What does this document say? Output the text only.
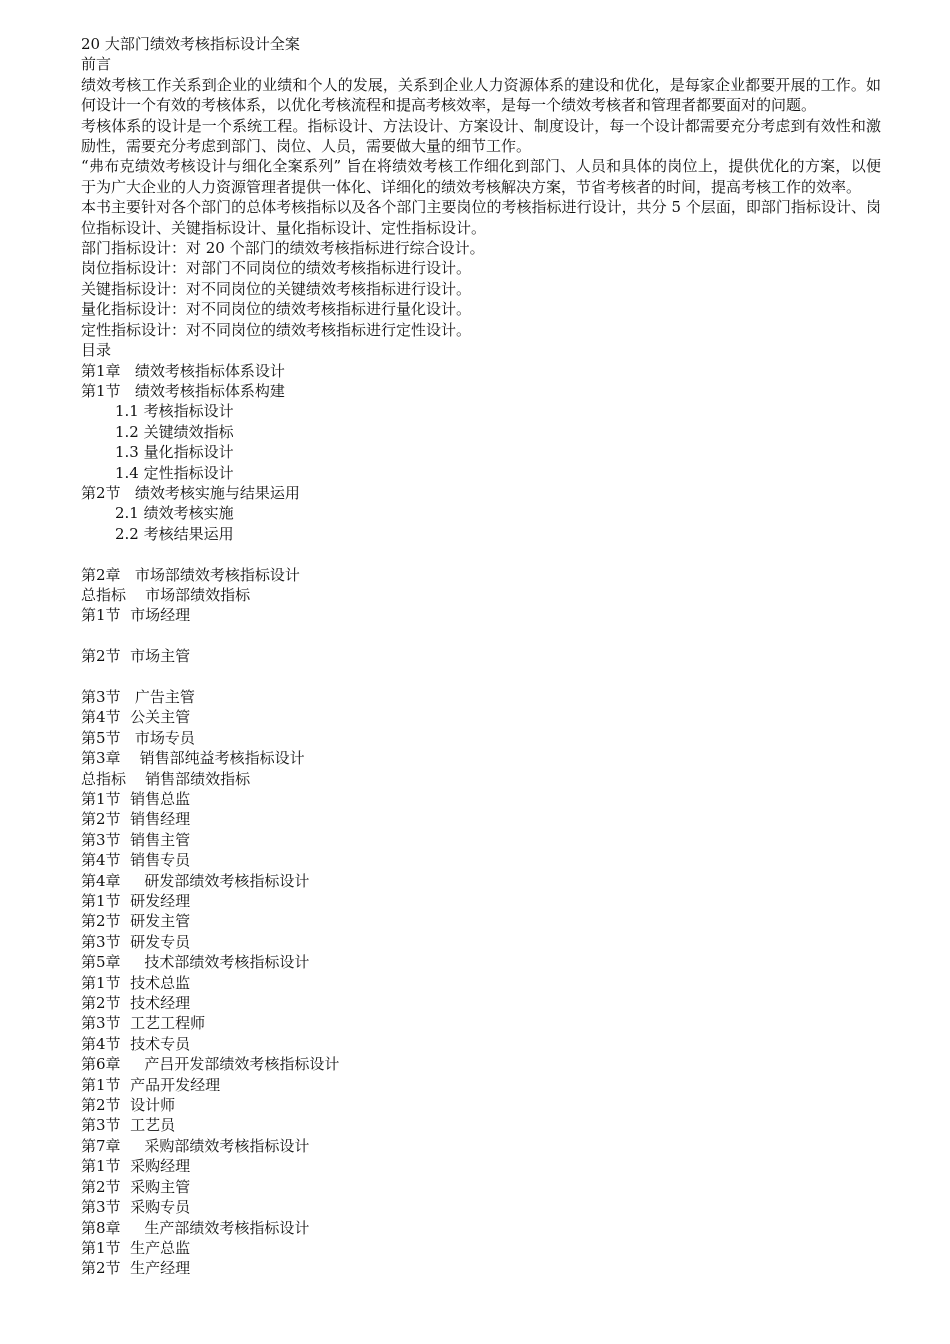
20 大部门绩效考核指标设计全案
前言
绩效考核工作关系到企业的业绩和个人的发展，关系到企业人力资源体系的建设和优化，是每家企业都要开展的工作。如何设计一个有效的考核体系，以优化考核流程和提高考核效率，是每一个绩效考核者和管理者都要面对的问题。
考核体系的设计是一个系统工程。指标设计、方法设计、方案设计、制度设计，每一个设计都需要充分考虑到有效性和激励性，需要充分考虑到部门、岗位、人员，需要做大量的细节工作。
“弗布克绩效考核设计与细化全案系列” 旨在将绩效考核工作细化到部门、人员和具体的岗位上，提供优化的方案，以便于为广大企业的人力资源管理者提供一体化、详细化的绩效考核解决方案，节省考核者的时间，提高考核工作的效率。
本书主要针对各个部门的总体考核指标以及各个部门主要岗位的考核指标进行设计，共分 5 个层面，即部门指标设计、岗位指标设计、关键指标设计、量化指标设计、定性指标设计。
部门指标设计：对 20 个部门的绩效考核指标进行综合设计。
岗位指标设计：对部门不同岗位的绩效考核指标进行设计。
关键指标设计：对不同岗位的关键绩效考核指标进行设计。
量化指标设计：对不同岗位的绩效考核指标进行量化设计。
定性指标设计：对不同岗位的绩效考核指标进行定性设计。
目录
第1章   绩效考核指标体系设计
第1节   绩效考核指标体系构建
1.1 考核指标设计
1.2 关键绩效指标
1.3 量化指标设计
1.4 定性指标设计
第2节   绩效考核实施与结果运用
2.1 绩效考核实施
2.2 考核结果运用
第2章   市场部绩效考核指标设计
总指标    市场部绩效指标
第1节  市场经理
第2节  市场主管
第3节   广告主管
第4节  公关主管
第5节   市场专员
第3章    销售部纯益考核指标设计
总指标    销售部绩效指标
第1节  销售总监
第2节  销售经理
第3节  销售主管
第4节  销售专员
第4章     研发部绩效考核指标设计
第1节  研发经理
第2节  研发主管
第3节  研发专员
第5章     技术部绩效考核指标设计
第1节  技术总监
第2节  技术经理
第3节  工艺工程师
第4节  技术专员
第6章     产吕开发部绩效考核指标设计
第1节  产品开发经理
第2节  设计师
第3节  工艺员
第7章     采购部绩效考核指标设计
第1节  采购经理
第2节  采购主管
第3节  采购专员
第8章     生产部绩效考核指标设计
第1节  生产总监
第2节  生产经理
